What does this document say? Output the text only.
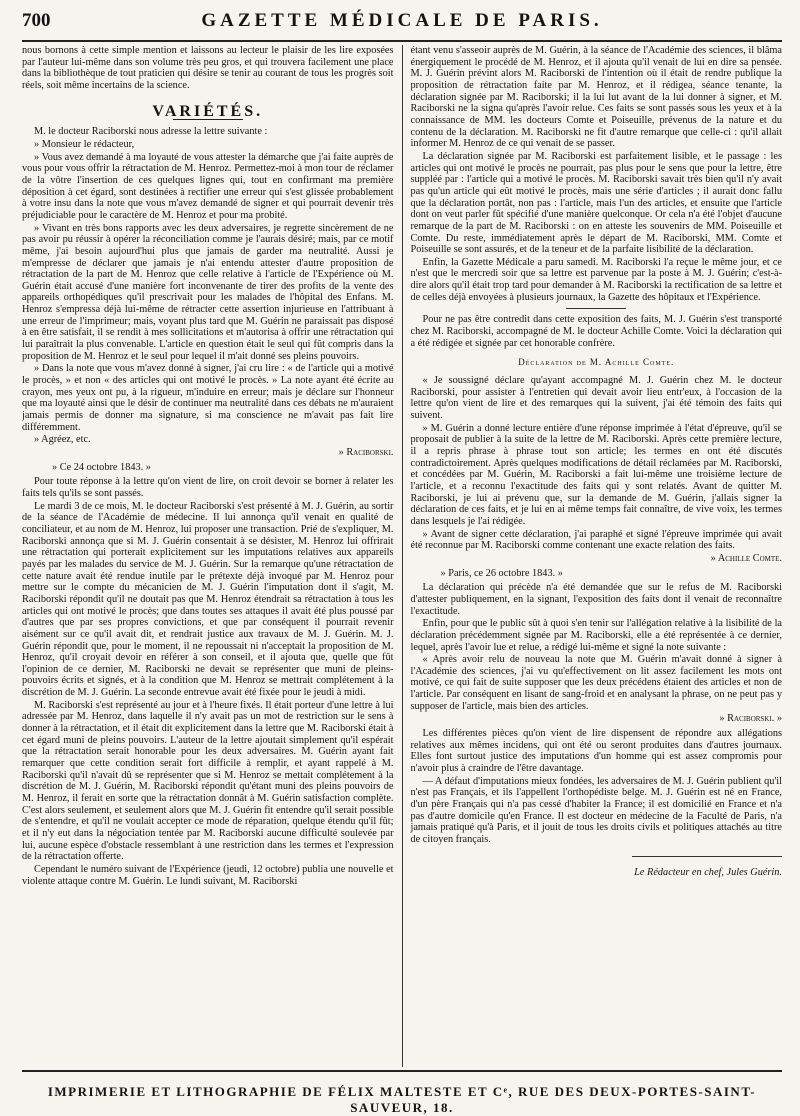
700	GAZETTE MÉDICALE DE PARIS.

nous bornons à cette simple mention et laissons au lecteur le plaisir de les lire exposées par l'auteur lui-même dans son volume très peu gros, et qui trouvera facilement une place dans la bibliothèque de tout praticien qui désire se tenir au courant de tous les progrès soit réels, soit même incertains de la science.

VARIÉTÉS.

M. le docteur Raciborski nous adresse la lettre suivante :

» Monsieur le rédacteur,

» Vous avez demandé à ma loyauté de vous attester la démarche que j'ai faite auprès de vous pour vous offrir la rétractation de M. Henroz. Permettez-moi à mon tour de réclamer de la vôtre l'insertion de ces quelques lignes qui, tout en confirmant ma première déposition à cet égard, sont destinées à rectifier une erreur qui s'est glissée probablement à votre insu dans la note que vous m'avez demandé de signer et qui pourrait devenir très préjudiciable pour le caractère de M. Henroz et pour ma probité.

» Vivant en très bons rapports avec les deux adversaires, je regrette sincèrement de ne pas avoir pu réussir à opérer la réconciliation comme je l'aurais désiré; mais, par ce motif même, j'ai besoin aujourd'hui plus que jamais de garder ma neutralité. Aussi je m'empresse de déclarer que jamais je n'ai entendu attester d'autre proposition de rétractation de la part de M. Henroz que celle relative à l'article de l'Expérience où M. Guérin était accusé d'une manière fort inconvenante de tirer des profits de la vente des appareils orthopédiques qu'il prescrivait pour les malades de l'hôpital des Enfans. M. Henroz s'empressa déjà lui-même de rétracter cette assertion injurieuse en l'attribuant à une erreur de l'imprimeur; mais, voyant plus tard que M. Guérin ne paraissait pas disposé à en être satisfait, il se rendit à mes sollicitations et m'autorisa à offrir une rétractation qui lui paraîtrait la plus convenable. L'article en question était le seul qui fût compris dans la proposition de M. Henroz et le seul pour lequel il m'ait donné ses pleins pouvoirs.

» Dans la note que vous m'avez donné à signer, j'ai cru lire : « de l'article qui a motivé le procès, » et non « des articles qui ont motivé le procès. » La note ayant été écrite au crayon, mes yeux ont pu, à la rigueur, m'induire en erreur; mais je déclare sur l'honneur que ma loyauté ainsi que le désir de continuer ma neutralité dans ces débats ne m'auraient jamais permis de donner ma signature, si ma conscience ne m'avait pas fait lire différemment.

» Agréez, etc.

» Raciborski.
» Ce 24 octobre 1843. »

Pour toute réponse à la lettre qu'on vient de lire, on croit devoir se borner à relater les faits tels qu'ils se sont passés.

Le mardi 3 de ce mois, M. le docteur Raciborski s'est présenté à M. J. Guérin, au sortir de la séance de l'Académie de médecine. Il lui annonça qu'il venait en qualité de conciliateur, et au nom de M. Henroz, lui proposer une transaction. Prié de s'expliquer, M. Raciborski annonça que si M. J. Guérin consentait à se désister, M. Henroz lui offrirait une rétractation qui porterait explicitement sur les imputations relatives aux appareils payés par les malades du service de M. J. Guérin. Sur la remarque qu'une rétractation de cette nature avait été rendue inutile par le prétexte déjà invoqué par M. Henroz pour mettre sur le compte du mécanicien de M. J. Guérin l'imputation dont il s'agit, M. Raciborski répondit qu'il ne doutait pas que M. Henroz étendrait sa rétractation à tous les articles qui ont motivé le procès; que dans toutes ses attaques il avait été plus poussé par d'autres que par ses propres convictions, et que par conséquent il pourrait revenir aisément sur ce qu'il avait dit, et rendrait justice aux travaux de M. J. Guérin. M. J. Guérin répondit que, pour le moment, il ne repoussait ni n'acceptait la proposition de M. Henroz, qu'il croyait devoir en référer à son conseil, et il ajouta que, quelle que fût l'opinion de ce dernier, M. Raciborski ne devait se représenter que muni de pleins-pouvoirs écrits et signés, et à la condition que M. Henroz se mettrait complétement à la discrétion de M. J. Guérin. La seconde entrevue avait été fixée pour le jeudi à midi.

M. Raciborski s'est représenté au jour et à l'heure fixés. Il était porteur d'une lettre à lui adressée par M. Henroz, dans laquelle il n'y avait pas un mot de restriction sur le sens à donner à la rétractation, et il était dit explicitement dans la lettre que M. Raciborski était à cet égard muni de pleins pouvoirs. L'auteur de la lettre ajoutait simplement qu'il espérait que la rétractation serait honorable pour les deux adversaires. M. Guérin ayant fait remarquer que cette condition serait fort difficile à remplir, et ayant rappelé à M. Raciborski qu'il n'avait dû se représenter que si M. Henroz se mettait complétement à la discrétion de M. J. Guérin, M. Raciborski répondit qu'étant muni des pleins pouvoirs de M. Henroz, il ferait en sorte que la rétractation donnât à M. Guérin satisfaction complète. C'est alors seulement, et seulement alors que M. J. Guérin fit entendre qu'il serait possible de s'entendre, et qu'il ne voulait accepter ce mode de réparation, quelque étendu qu'il fût; et il n'y eut dans la négociation tentée par M. Raciborski aucune difficulté soulevée par lui, aucune espèce d'obstacle ressemblant à une restriction dans les termes et l'expression de la rétractation offerte.

Cependant le numéro suivant de l'Expérience (jeudi, 12 octobre) publia une nouvelle et violente attaque contre M. Guérin. Le lundi suivant, M. Raciborski

étant venu s'asseoir auprès de M. Guérin, à la séance de l'Académie des sciences, il blâma énergiquement le procédé de M. Henroz, et il ajouta qu'il venait de lui en dire sa pensée. M. J. Guérin prévint alors M. Raciborski de l'intention où il était de rendre publique la proposition de rétractation faite par M. Henroz, et il rédigea, séance tenante, la déclaration signée par M. Raciborski; il la lui lut avant de la lui donner à signer, et M. Raciborski ne la signa qu'après l'avoir relue. Ces faits se sont passés sous les yeux et à la connaissance de MM. les docteurs Comte et Poiseuille, prévenus de la nature et du contenu de la déclaration. M. Raciborski ne fit d'autre remarque que celle-ci : qu'il allait informer M. Henroz de ce qui venait de se passer.

La déclaration signée par M. Raciborski est parfaitement lisible, et le passage : les articles qui ont motivé le procès ne pourrait, pas plus pour le sens que pour la lettre, être suppléé par : l'article qui a motivé le procès. M. Raciborski savait très bien qu'il n'y avait pas qu'un article qui eût motivé le procès, mais une série d'articles ; il aurait donc fallu que la déclaration portât, non pas : l'article, mais l'un des articles, et ensuite que l'article dont on veut parler fût spécifié d'une manière quelconque. Or cela n'a été l'objet d'aucune remarque de la part de M. Raciborski : on en atteste les souvenirs de MM. Poiseuille et Comte. Du reste, immédiatement après le départ de M. Raciborski, MM. Comte et Poiseuille se sont assurés, et de la teneur et de la parfaite lisibilité de la déclaration.

Enfin, la Gazette Médicale a paru samedi. M. Raciborski l'a reçue le même jour, et ce n'est que le mercredi soir que sa lettre est parvenue par la poste à M. J. Guérin; c'est-à-dire alors qu'il était trop tard pour demander à M. Raciborski la rectification de sa lettre et de celles déjà envoyées à plusieurs journaux, la Gazette des hôpitaux et l'Expérience.

Pour ne pas être contredit dans cette exposition des faits, M. J. Guérin s'est transporté chez M. Raciborski, accompagné de M. le docteur Achille Comte. Voici la déclaration qui a été rédigée et signée par cet honorable confrère.

Déclaration de M. Achille Comte.

« Je soussigné déclare qu'ayant accompagné M. J. Guérin chez M. le docteur Raciborski, pour assister à l'entretien qui devait avoir lieu entr'eux, à l'occasion de la lettre qu'on vient de lire et des remarques qui la suivent, j'ai été témoin des faits qui suivent.

» M. Guérin a donné lecture entière d'une réponse imprimée à l'état d'épreuve, qu'il se proposait de publier à la suite de la lettre de M. Raciborski. Après cette première lecture, il a repris phrase à phrase tout son article; les termes en ont été discutés contradictoirement. Après quelques modifications de détail réclamées par M. Raciborski, et concédées par M. Guérin, M. Raciborski a fait lui-même une troisième lecture de l'article, et a reconnu l'exactitude des faits qui y sont relatés. Avant de quitter M. Raciborski, je lui ai prévenu que, sur la demande de M. Guérin, j'allais signer la déclaration de ces faits, et je lui en ai même temps fait connaître, de vive voix, les termes dans lesquels je l'ai rédigée.

» Avant de signer cette déclaration, j'ai paraphé et signé l'épreuve imprimée qui avait été reconnue par M. Raciborski comme contenant une exacte relation des faits.

» Achille Comte.
» Paris, ce 26 octobre 1843. »

La déclaration qui précède n'a été demandée que sur le refus de M. Raciborski d'attester publiquement, en la signant, l'exposition des faits dont il venait de reconnaître l'exactitude.

Enfin, pour que le public sût à quoi s'en tenir sur l'allégation relative à la lisibilité de la déclaration précédemment signée par M. Raciborski, elle a été représentée à ce dernier, lequel, après l'avoir lue et relue, a rédigé lui-même et signé la note suivante :

« Après avoir relu de nouveau la note que M. Guérin m'avait donné à signer à l'Académie des sciences, j'ai vu qu'effectivement on lit assez facilement les mots ont motivé, ce qui fait de suite supposer que les deux précédens étaient des articles et non de l'article. Par conséquent en lisant de sang-froid et en analysant la phrase, on ne peut pas y supposer de l'article, mais bien des articles.

» Raciborski. »

Les différentes pièces qu'on vient de lire dispensent de répondre aux allégations relatives aux mêmes incidens, qui ont été ou seront produites dans d'autres journaux. Elles font surtout justice des imputations d'un homme qui est assez compromis pour n'avoir plus à craindre de l'être davantage.

— A défaut d'imputations mieux fondées, les adversaires de M. J. Guérin publient qu'il n'est pas Français, et ils l'appellent l'orthopédiste belge. M. J. Guérin est né en France, d'un père Français qui n'a pas cessé d'habiter la France; il est domicilié en France et n'a pas d'autre domicile qu'en France. Il est docteur en médecine de la Faculté de Paris, n'a jamais pratiqué qu'à Paris, et il jouit de tous les droits civils et politiques attachés au titre de citoyen français.

Le Rédacteur en chef, Jules Guérin.
IMPRIMERIE ET LITHOGRAPHIE DE FÉLIX MALTESTE ET Cᵉ, RUE DES DEUX-PORTES-SAINT-SAUVEUR, 18.
